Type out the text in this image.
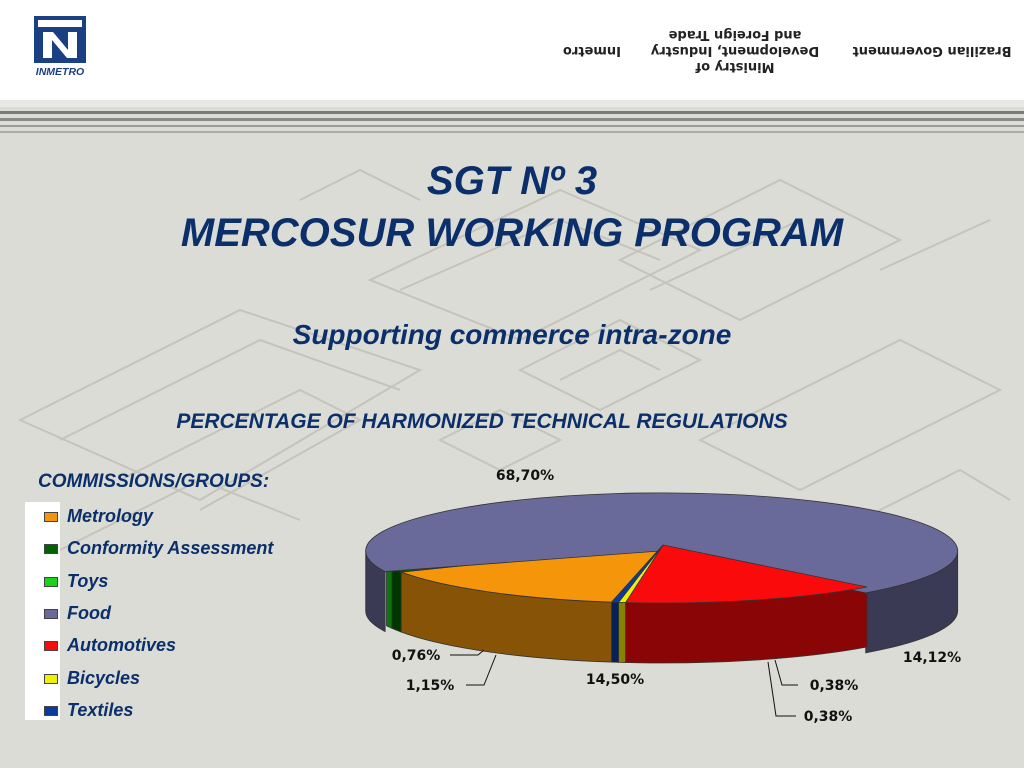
INMETRO
Inmetro
Ministry of
Development, Industry
and Foreign Trade
Brazilian Government
SGT Nº 3
MERCOSUR WORKING PROGRAM
Supporting commerce intra-zone
PERCENTAGE OF HARMONIZED TECHNICAL REGULATIONS
COMMISSIONS/GROUPS:
Metrology
Conformity Assessment
Toys
Food
Automotives
Bicycles
Textiles
14,50%
1,15%
0,76%
68,70%
14,12%
0,38%
0,38%
